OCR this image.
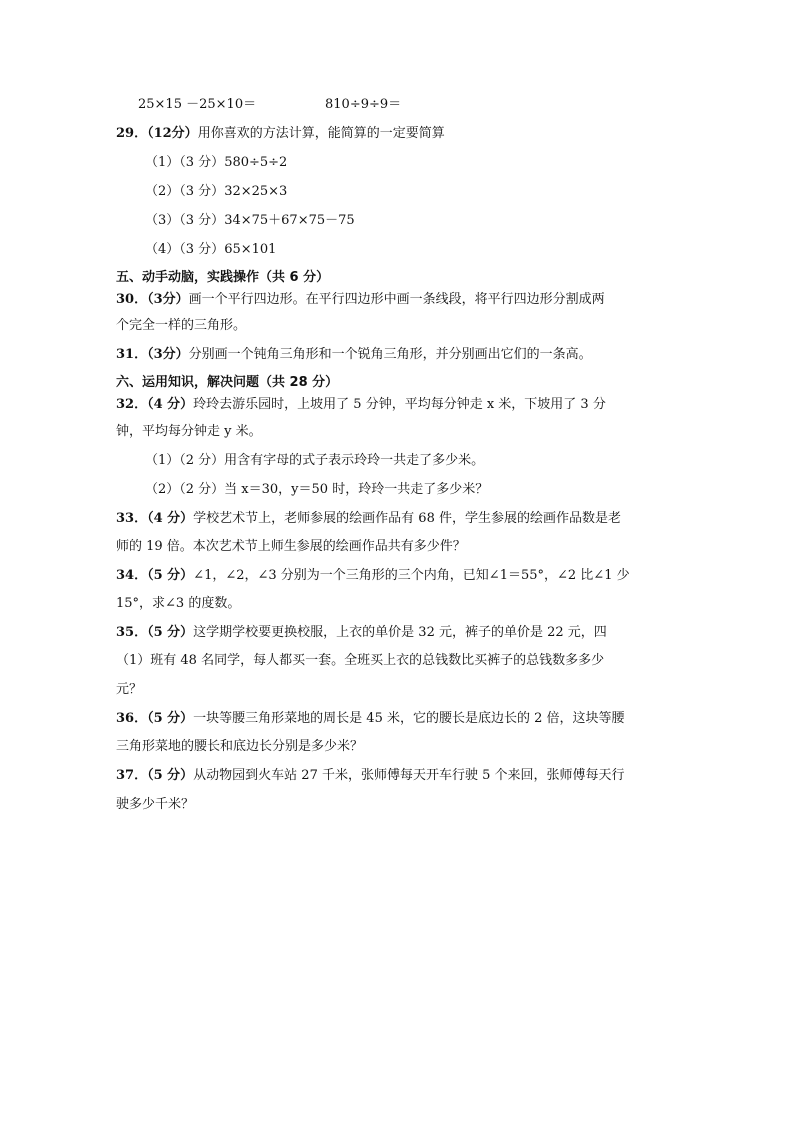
25×15 －25×10＝	810÷9÷9＝
29．（12分）用你喜欢的方法计算，能简算的一定要简算
（1）（3 分）580÷5÷2
（2）（3 分）32×25×3
（3）（3 分）34×75＋67×75－75
（4）（3 分）65×101
五、动手动脑，实践操作（共 6 分）
30．（3分）画一个平行四边形。在平行四边形中画一条线段，将平行四边形分割成两
个完全一样的三角形。
31．（3分）分别画一个钝角三角形和一个锐角三角形，并分别画出它们的一条高。
六、运用知识，解决问题（共 28 分）
32．（4 分）玲玲去游乐园时，上坡用了 5 分钟，平均每分钟走 x 米，下坡用了 3 分
钟，平均每分钟走 y 米。
（1）（2 分）用含有字母的式子表示玲玲一共走了多少米。
（2）（2 分）当 x＝30，y＝50 时，玲玲一共走了多少米？
33．（4 分）学校艺术节上，老师参展的绘画作品有 68 件，学生参展的绘画作品数是老
师的 19 倍。本次艺术节上师生参展的绘画作品共有多少件？
34．（5 分）∠1，∠2，∠3 分别为一个三角形的三个内角，已知∠1＝55°，∠2 比∠1 少
15°，求∠3 的度数。
35．（5 分）这学期学校要更换校服，上衣的单价是 32 元，裤子的单价是 22 元，四
（1）班有 48 名同学，每人都买一套。全班买上衣的总钱数比买裤子的总钱数多多少
元？
36．（5 分）一块等腰三角形菜地的周长是 45 米，它的腰长是底边长的 2 倍，这块等腰
三角形菜地的腰长和底边长分别是多少米？
37．（5 分）从动物园到火车站 27 千米，张师傅每天开车行驶 5 个来回，张师傅每天行
驶多少千米？
